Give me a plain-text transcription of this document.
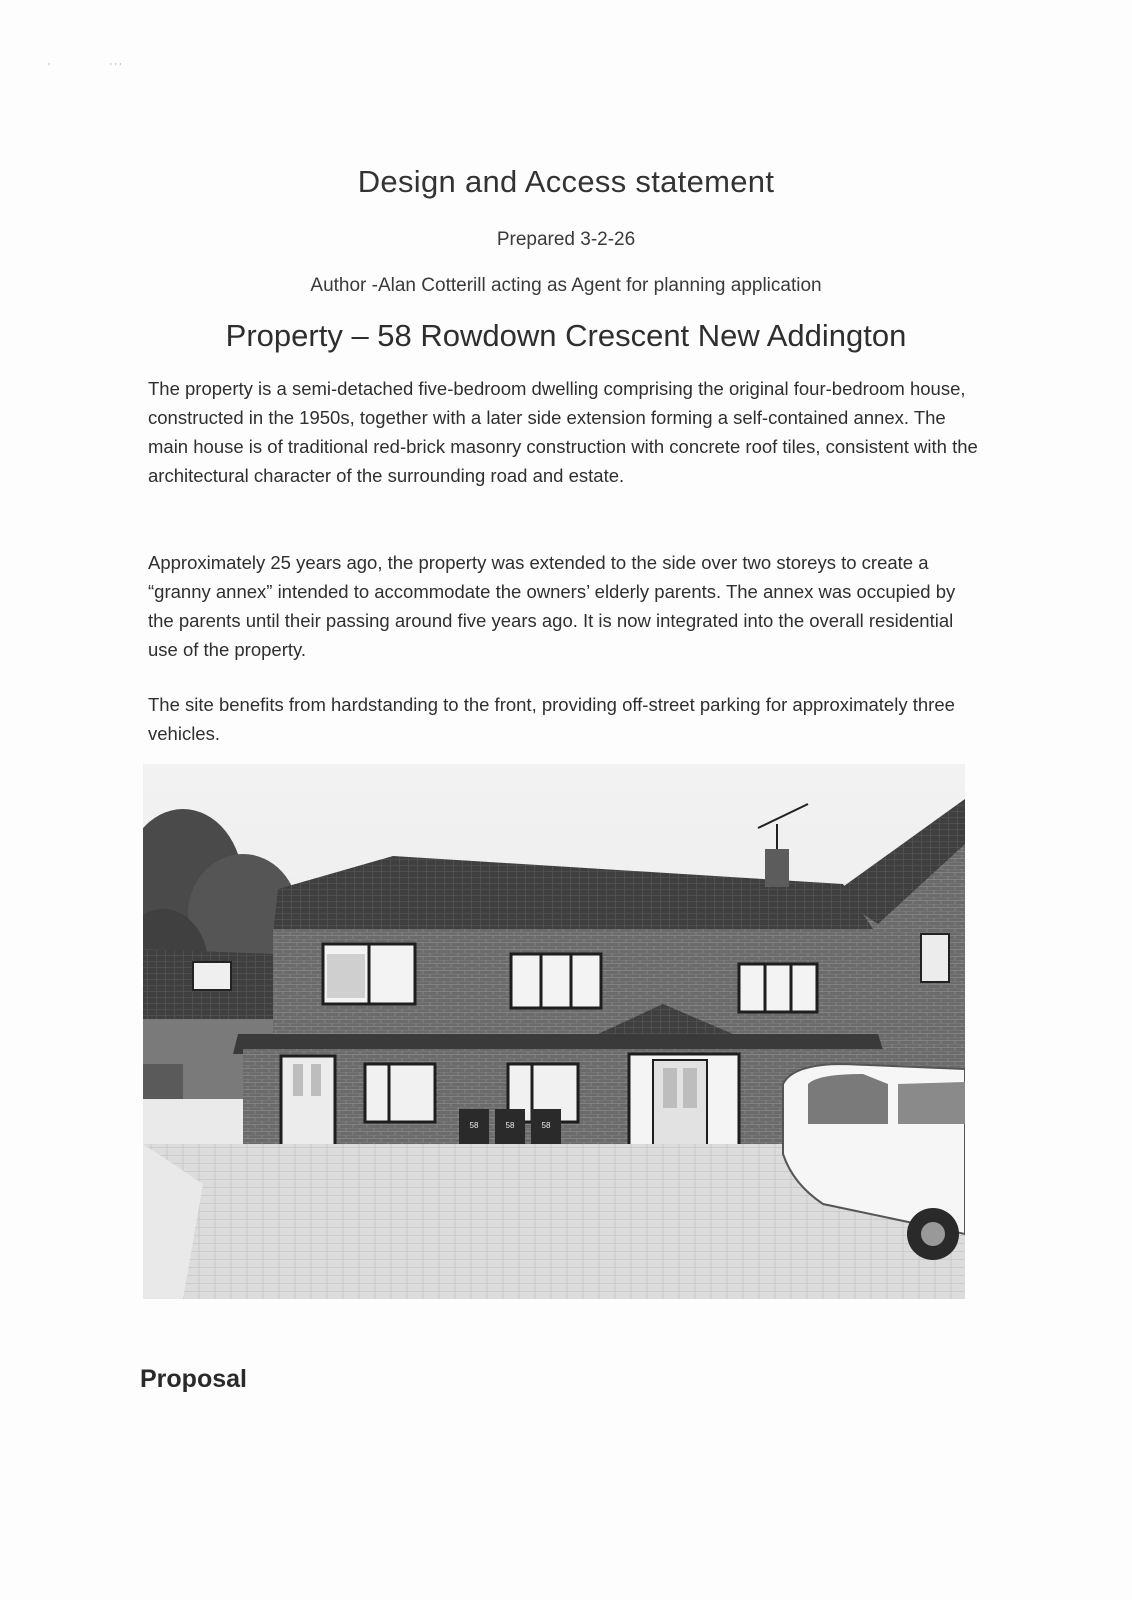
'	' ' '
Design and Access statement
Prepared 3-2-26
Author -Alan Cotterill acting as Agent for planning application
Property – 58 Rowdown Crescent New Addington

The property is a semi-detached five-bedroom dwelling comprising the original four-bedroom house, constructed in the 1950s, together with a later side extension forming a self-contained annex. The main house is of traditional red-brick masonry construction with concrete roof tiles, consistent with the architectural character of the surrounding road and estate.

Approximately 25 years ago, the property was extended to the side over two storeys to create a “granny annex” intended to accommodate the owners’ elderly parents. The annex was occupied by the parents until their passing around five years ago. It is now integrated into the overall residential use of the property.

The site benefits from hardstanding to the front, providing off-street parking for approximately three vehicles.

58	58	58
Proposal
